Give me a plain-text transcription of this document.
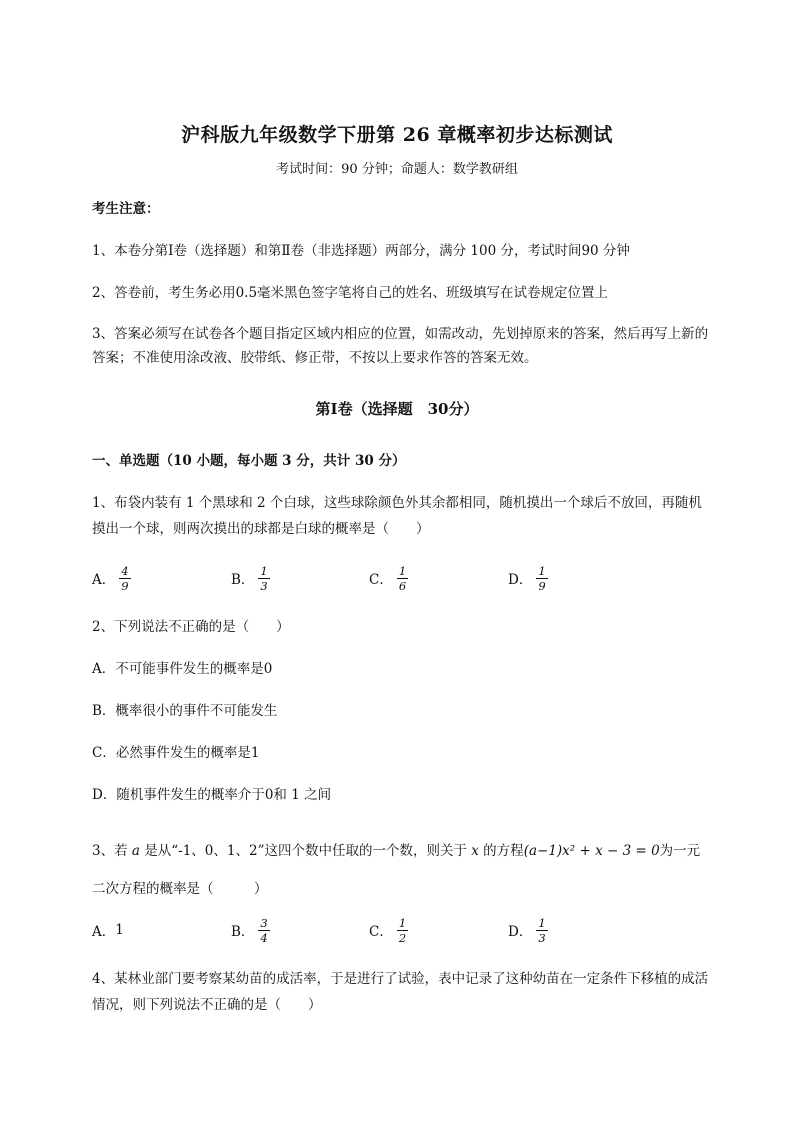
沪科版九年级数学下册第 26 章概率初步达标测试
考试时间：90 分钟；命题人：数学教研组
考生注意：
1、本卷分第Ⅰ卷（选择题）和第Ⅱ卷（非选择题）两部分，满分 100 分，考试时间90 分钟
2、答卷前，考生务必用0.5毫米黑色签字笔将自己的姓名、班级填写在试卷规定位置上
3、答案必须写在试卷各个题目指定区域内相应的位置，如需改动，先划掉原来的答案，然后再写上新的答案；不准使用涂改液、胶带纸、修正带，不按以上要求作答的答案无效。
第Ⅰ卷（选择题　30分）
一、单选题（10 小题，每小题 3 分，共计 30 分）
1、布袋内装有 1 个黑球和 2 个白球，这些球除颜色外其余都相同，随机摸出一个球后不放回，再随机摸出一个球，则两次摸出的球都是白球的概率是（　　）
A． $\frac{4}{9}$	B． $\frac{1}{3}$	C． $\frac{1}{6}$	D． $\frac{1}{9}$
2、下列说法不正确的是（　　）
A．不可能事件发生的概率是0
B．概率很小的事件不可能发生
C．必然事件发生的概率是1
D．随机事件发生的概率介于0和 1 之间
3、若 a 是从“-1、0、1、2”这四个数中任取的一个数，则关于 x 的方程(a−1)x² + x − 3 = 0为一元二次方程的概率是（　　　）
A． 1	B． $\frac{3}{4}$	C． $\frac{1}{2}$	D． $\frac{1}{3}$
4、某林业部门要考察某幼苗的成活率，于是进行了试验，表中记录了这种幼苗在一定条件下移植的成活情况，则下列说法不正确的是（　　）
